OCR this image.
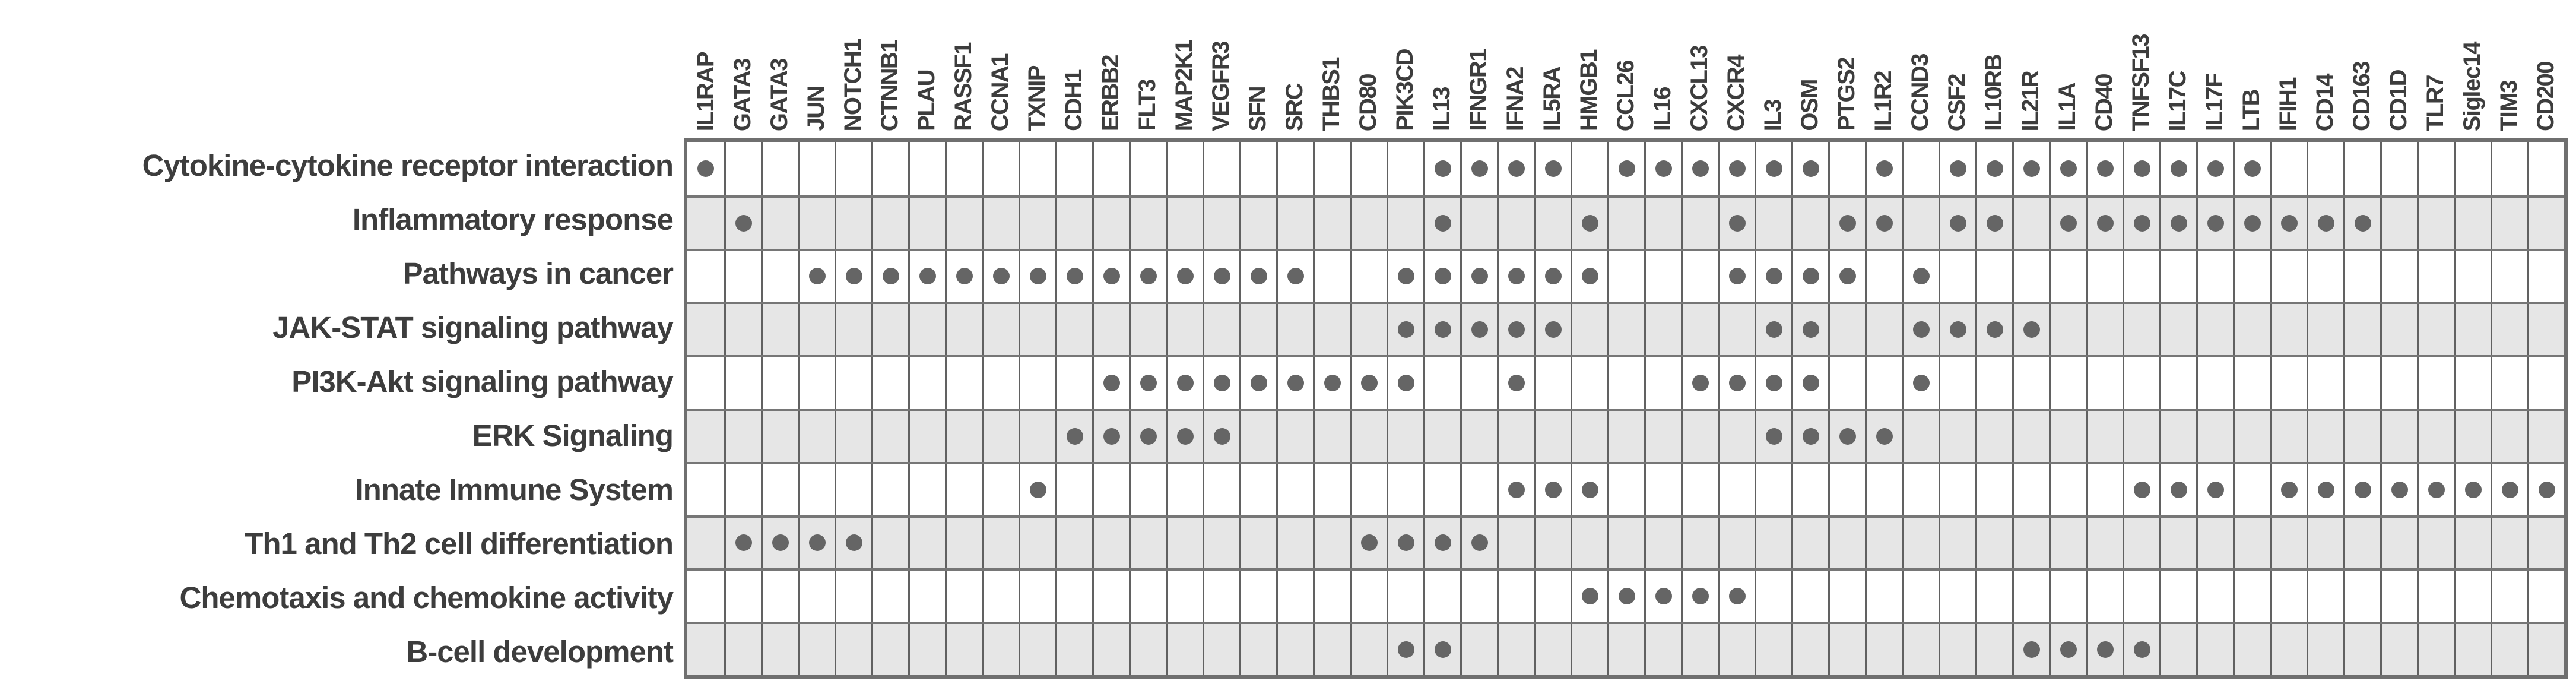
IL1RAP GATA3 GATA3 JUN NOTCH1 CTNNB1 PLAU RASSF1 CCNA1 TXNIP CDH1 ERBB2 FLT3 MAP2K1 VEGFR3 SFN SRC THBS1 CD80 PIK3CD IL13 IFNGR1 IFNA2 IL5RA HMGB1 CCL26 IL16 CXCL13 CXCR4 IL3 OSM PTGS2 IL1R2 CCND3 CSF2 IL10RB IL21R IL1A CD40 TNFSF13 IL17C IL17F LTB IFIH1 CD14 CD163 CD1D TLR7 Siglec14 TIM3 CD200
Cytokine-cytokine receptor interaction
Inflammatory response
Pathways in cancer
JAK-STAT signaling pathway
PI3K-Akt signaling pathway
ERK Signaling
Innate Immune System
Th1 and Th2 cell differentiation
Chemotaxis and chemokine activity
B-cell development
